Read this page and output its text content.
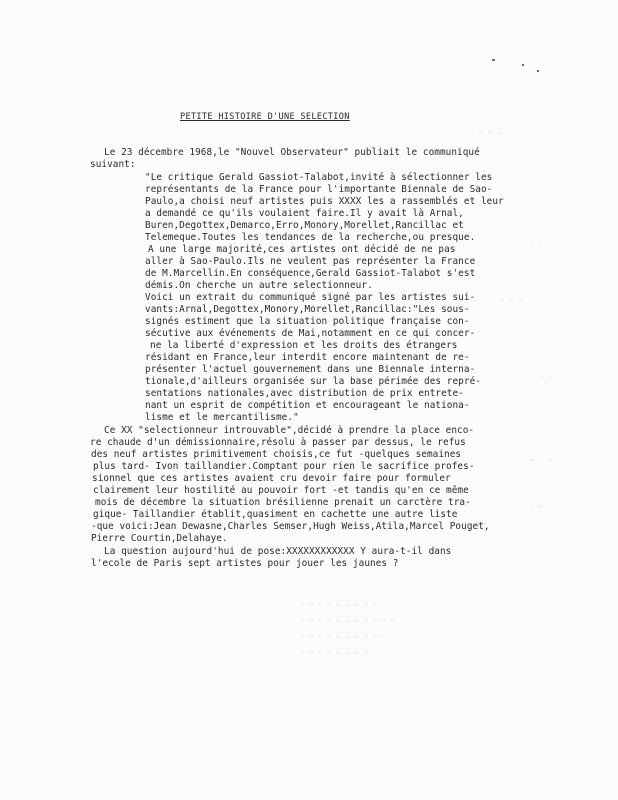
— — — —
- - - -
— — —
- - -
— - —
- - — -
— — — — — — — — —
— — — — — — — — — — —
— — — — — — — — — —
— — — — — — — —
PETITE HISTOIRE D'UNE SELECTION
Le 23 décembre 1968,le "Nouvel Observateur" publiait le communiqué
suivant:
"Le critique Gerald Gassiot-Talabot,invité à sélectionner les
représentants de la France pour l'importante Biennale de Sao-
Paulo,a choisi neuf artistes puis XXXX les a rassemblés et leur
a demandé ce qu'ils voulaient faire.Il y avait là Arnal,
Buren,Degottex,Demarco,Erro,Monory,Morellet,Rancillac et
Telemeque.Toutes les tendances de la recherche,ou presque.
A une large majorité,ces artistes ont décidé de ne pas
aller à Sao-Paulo.Ils ne veulent pas représenter la France
de M.Marcellin.En conséquence,Gerald Gassiot-Talabot s'est
démis.On cherche un autre selectionneur.
Voici un extrait du communiqué signé par les artistes sui-
vants:Arnal,Degottex,Monory,Morellet,Rancillac:"Les sous-
signés estiment que la situation politique française con-
sécutive aux événements de Mai,notamment en ce qui concer-
ne la liberté d'expression et les droits des étrangers
résidant en France,leur interdit encore maintenant de re-
présenter l'actuel gouvernement dans une Biennale interna-
tionale,d'ailleurs organisée sur la base périmée des repré-
sentations nationales,avec distribution de prix entrete-
nant un esprit de compétition et encourageant le nationa-
lisme et le mercantilisme."
Ce XX "selectionneur introuvable",décidé à prendre la place enco-
re chaude d'un démissionnaire,résolu à passer par dessus, le refus
des neuf artistes primitivement choisis,ce fut -quelques semaines
plus tard- Ivon taillandier.Comptant pour rien le sacrifice profes-
sionnel que ces artistes avaient cru devoir faire pour formuler
clairement leur hostilité au pouvoir fort -et tandis qu'en ce même
mois de décembre la situation brésilienne prenait un carctère tra-
gique- Taillandier établit,quasiment en cachette une autre liste
-que voici:Jean Dewasne,Charles Semser,Hugh Weiss,Atila,Marcel Pouget,
Pierre Courtin,Delahaye.
La question aujourd'hui de pose:XXXXXXXXXXXX Y aura-t-il dans
l'ecole de Paris sept artistes pour jouer les jaunes ?
